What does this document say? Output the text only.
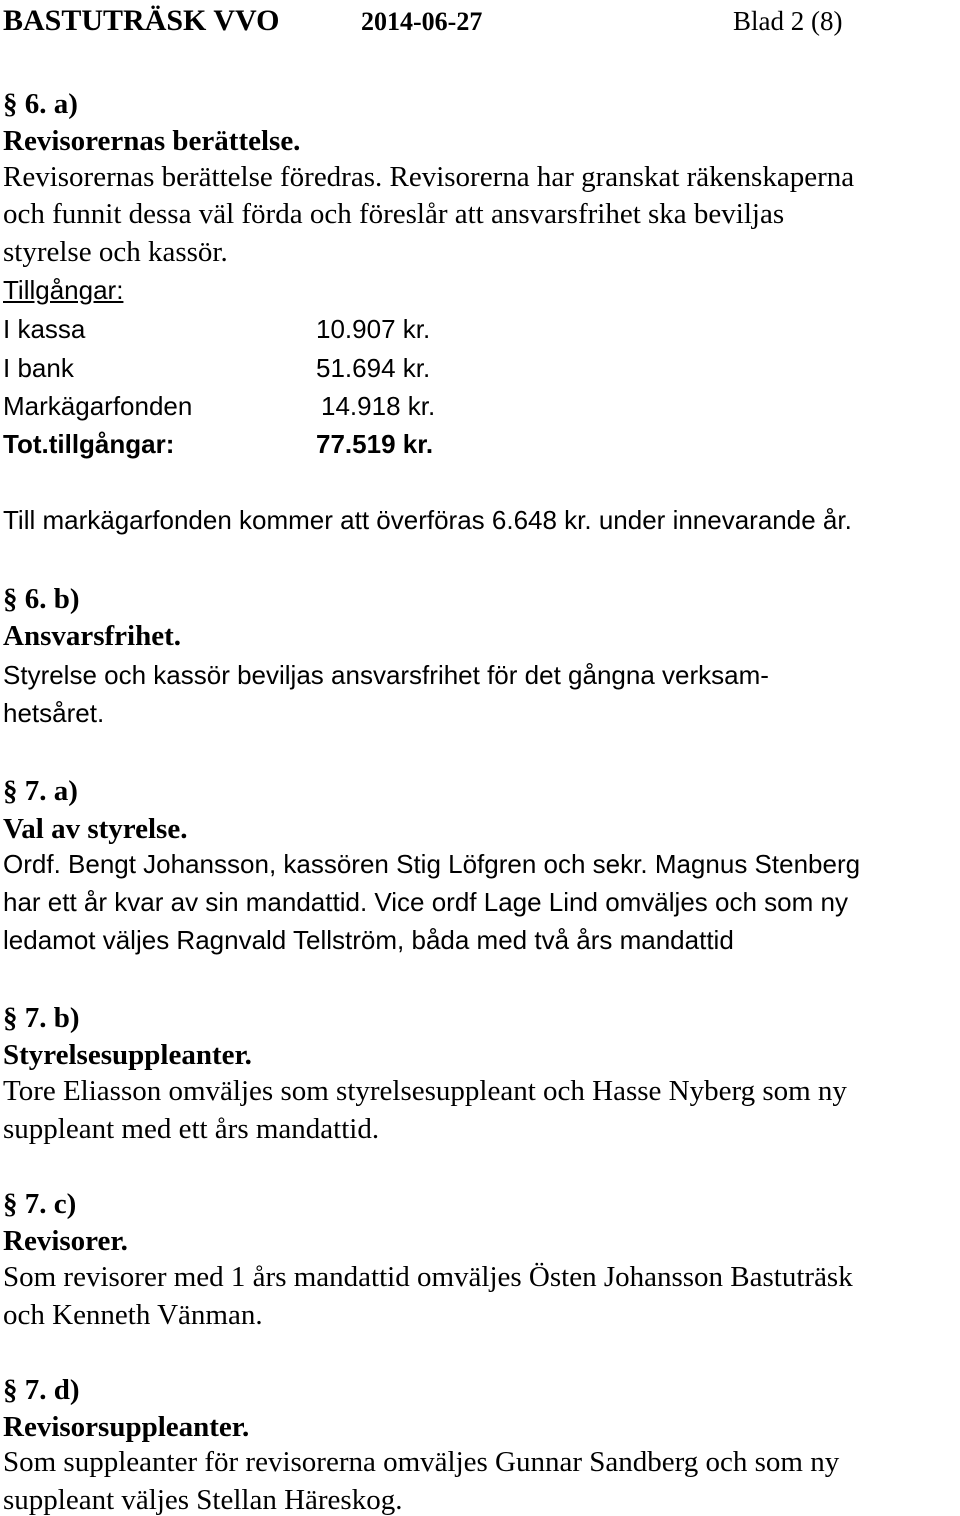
BASTUTRÄSK VVO	2014-06-27	Blad 2 (8)
§ 6. a)
Revisorernas berättelse.
Revisorernas berättelse föredras. Revisorerna har granskat räkenskaperna
och funnit dessa väl förda och föreslår att ansvarsfrihet ska beviljas
styrelse och kassör.
Tillgångar:
I kassa	10.907 kr.
I bank	51.694 kr.
Markägarfonden	14.918 kr.
Tot.tillgångar:	77.519 kr.
Till markägarfonden kommer att överföras 6.648 kr. under innevarande år.
§ 6. b)
Ansvarsfrihet.
Styrelse och kassör beviljas ansvarsfrihet för det gångna verksam-
hetsåret.
§ 7. a)
Val av styrelse.
Ordf. Bengt Johansson, kassören Stig Löfgren och sekr. Magnus Stenberg
har ett år kvar av sin mandattid. Vice ordf Lage Lind omväljes och som ny
ledamot väljes Ragnvald Tellström, båda med två års mandattid
§ 7. b)
Styrelsesuppleanter.
Tore Eliasson omväljes som styrelsesuppleant och Hasse Nyberg som ny
suppleant med ett års mandattid.
§ 7. c)
Revisorer.
Som revisorer med 1 års mandattid omväljes Östen Johansson Bastuträsk
och Kenneth Vänman.
§ 7. d)
Revisorsuppleanter.
Som suppleanter för revisorerna omväljes Gunnar Sandberg och som ny
suppleant väljes Stellan Häreskog.
